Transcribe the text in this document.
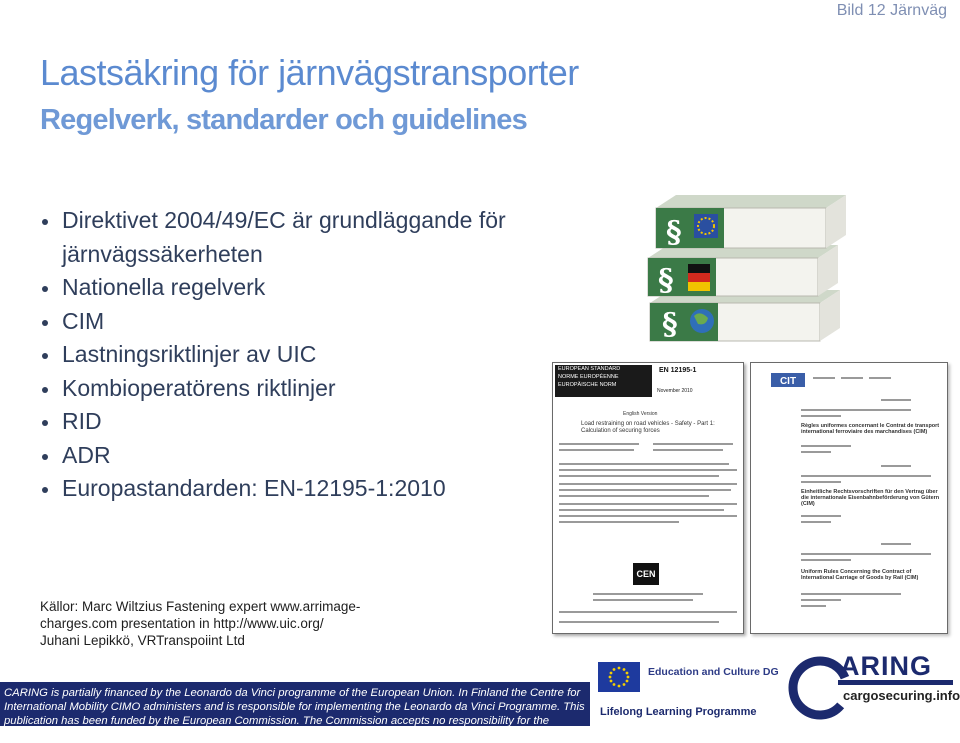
Bild 12 Järnväg
Lastsäkring för järnvägstransporter
Regelverk, standarder och guidelines
Direktivet 2004/49/EC är grundläggande för järnvägssäkerheten
Nationella regelverk
CIM
Lastningsriktlinjer av UIC
Kombioperatörens riktlinjer
RID
ADR
Europastandarden: EN-12195-1:2010
Källor: Marc Wiltzius Fastening expert www.arrimage-
charges.com presentation in http://www.uic.org/
Juhani Lepikkö, VRTranspoiint Ltd
§
§
§
EUROPEAN STANDARD
NORME EUROPÉENNE
EUROPÄISCHE NORM
EN 12195-1
November 2010
English Version
Load restraining on road vehicles - Safety - Part 1: Calculation of securing forces
CEN
CIT
Règles uniformes concernant le Contrat de transport international ferroviaire des marchandises (CIM)
Einheitliche Rechtsvorschriften für den Vertrag über die internationale Eisenbahnbeförderung von Gütern (CIM)
Uniform Rules Concerning the Contract of International Carriage of Goods by Rail (CIM)
CARING is partially financed by the Leonardo da Vinci programme of the European Union. In Finland the Centre for International Mobility CIMO administers and is responsible for implementing the Leonardo da Vinci Programme. This publication has been funded by the European Commission. The Commission accepts no responsibility for the contents of the publication.
Education and Culture DG
Lifelong Learning Programme
ARING
cargosecuring.info
